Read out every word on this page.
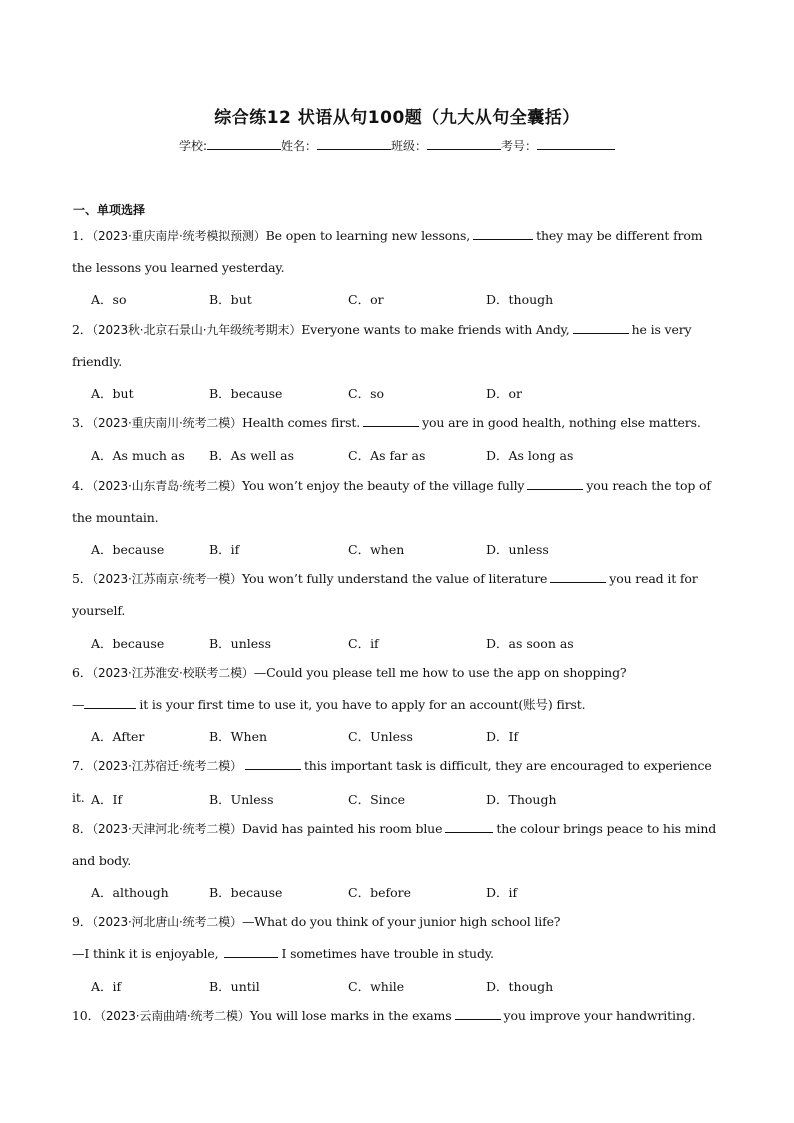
综合练12 状语从句100题（九大从句全囊括）
学校:	姓名：	班级：	考号：
一、单项选择
1．（2023·重庆南岸·统考模拟预测）Be open to learning new lessons,	they may be different from the lessons you learned yesterday.
A．so	B．but	C．or	D．though
2．（2023秋·北京石景山·九年级统考期末）Everyone wants to make friends with Andy,	he is very friendly.
A．but	B．because	C．so	D．or
3．（2023·重庆南川·统考二模）Health comes first.	you are in good health, nothing else matters.
A．As much as B．As well as	C．As far as	D．As long as
4．（2023·山东青岛·统考二模）You won’t enjoy the beauty of the village fully	you reach the top of the mountain.
A．because	B．if	C．when	D．unless
5．（2023·江苏南京·统考一模）You won’t fully understand the value of literature	you read it for yourself.
A．because	B．unless	C．if	D．as soon as
6．（2023·江苏淮安·校联考二模）—Could you please tell me how to use the app on shopping?
—	it is your first time to use it, you have to apply for an account(账号) first.
A．After	B．When	C．Unless	D．If
7．（2023·江苏宿迁·统考二模）	this important task is difficult, they are encouraged to experience it. A．If	B．Unless	C．Since	D．Though
8．（2023·天津河北·统考二模）David has painted his room blue	the colour brings peace to his mind and body.
A．although	B．because	C．before	D．if
9．（2023·河北唐山·统考二模）—What do you think of your junior high school life?
—I think it is enjoyable,	I sometimes have trouble in study.
A．if	B．until	C．while	D．though
10．（2023·云南曲靖·统考二模）You will lose marks in the exams	you improve your handwriting.
